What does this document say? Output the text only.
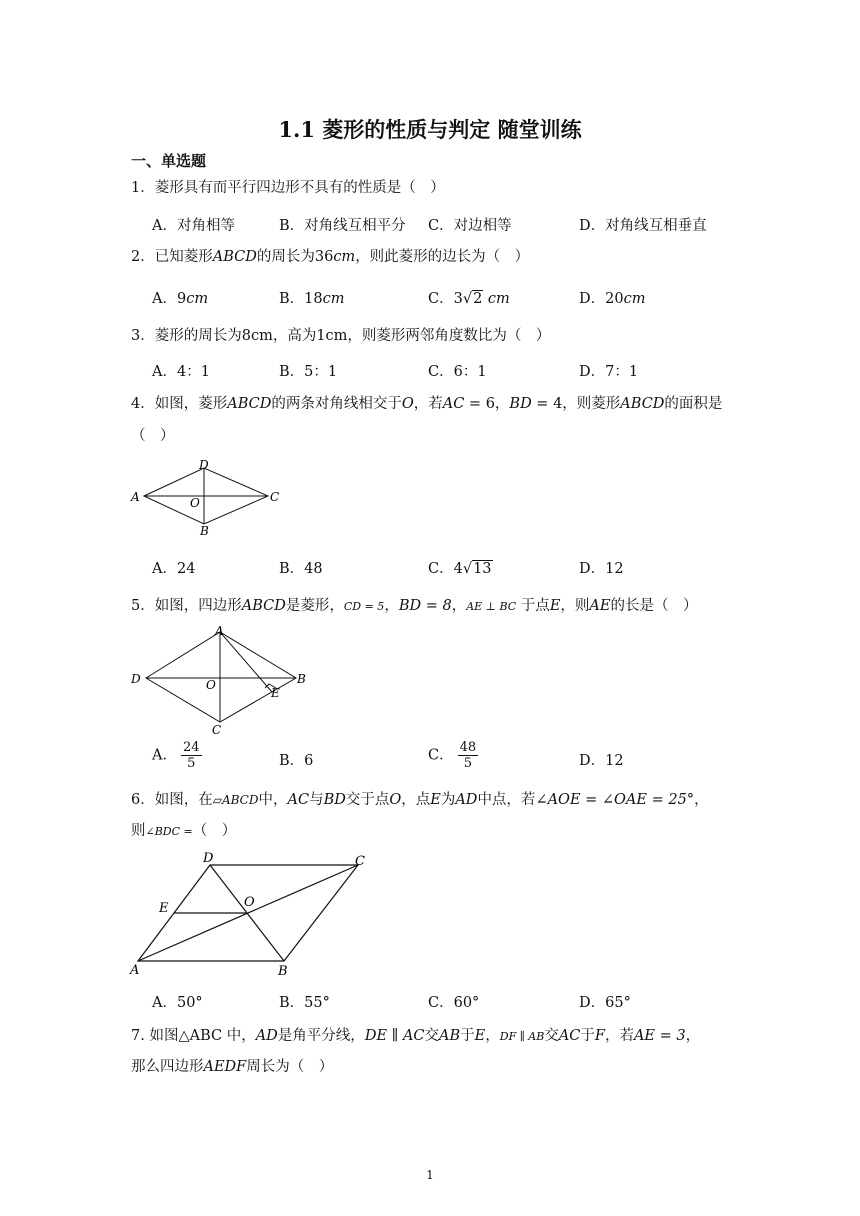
1.1 菱形的性质与判定 随堂训练
一、单选题
1．菱形具有而平行四边形不具有的性质是（　）
A．对角相等	B．对角线互相平分 C．对边相等	D．对角线互相垂直
2．已知菱形ABCD的周长为36cm，则此菱形的边长为（　）
A．9cm	B．18cm	C．3√2 cm	D．20cm
3．菱形的周长为8cm，高为1cm，则菱形两邻角度数比为（　）
A．4：1	B．5：1	C．6：1	D．7：1
4．如图，菱形ABCD的两条对角线相交于O，若AC = 6，BD = 4，则菱形ABCD的面积是
（　）
A
D
C
B
O
A．24	B．48	C．4√13	D．12
5．如图，四边形ABCD是菱形，CD = 5，BD = 8，AE ⊥ BC 于点E，则AE的长是（　）
D
A
B
C
O
E
A． $\frac{24}{5}$	B．6	C． $\frac{48}{5}$	D．12
6．如图，在▱ABCD中，AC与BD交于点O，点E为AD中点，若∠AOE = ∠OAE = 25°，
则∠BDC =（　）
A
D	C
B
O
E
A．50°	B．55°	C．60°	D．65°
7. 如图△ABC 中，AD是角平分线，DE ∥ AC交AB于E，DF ∥ AB交AC于F，若AE = 3，
那么四边形AEDF周长为（　）
1
